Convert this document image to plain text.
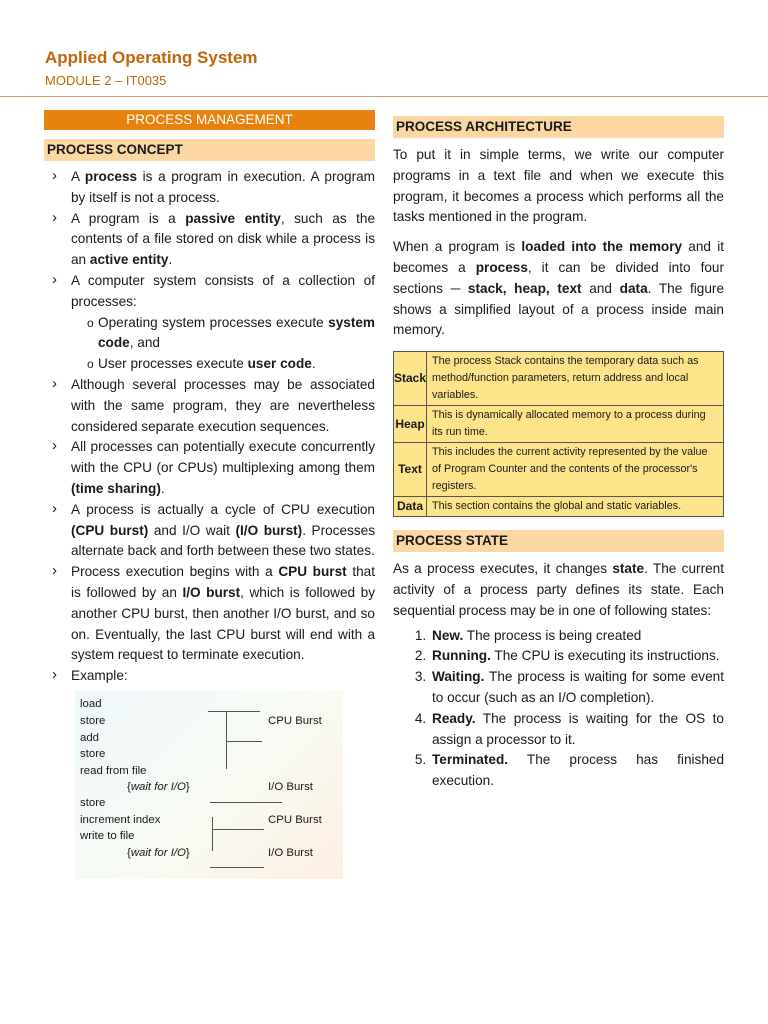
Applied Operating System
MODULE 2 – IT0035
PROCESS MANAGEMENT
PROCESS CONCEPT
› A process is a program in execution. A program by itself is not a process.
› A program is a passive entity, such as the contents of a file stored on disk while a process is an active entity.
› A computer system consists of a collection of processes:
o Operating system processes execute system code, and
o User processes execute user code.
› Although several processes may be associated with the same program, they are nevertheless considered separate execution sequences.
› All processes can potentially execute concurrently with the CPU (or CPUs) multiplexing among them (time sharing).
› A process is actually a cycle of CPU execution (CPU burst) and I/O wait (I/O burst). Processes alternate back and forth between these two states.
› Process execution begins with a CPU burst that is followed by an I/O burst, which is followed by another CPU burst, then another I/O burst, and so on. Eventually, the last CPU burst will end with a system request to terminate execution.
› Example:
load
store
add
store
read from file
{wait for I/O}
store
increment index
write to file
{wait for I/O}
CPU Burst
I/O Burst
CPU Burst
I/O Burst
PROCESS ARCHITECTURE

To put it in simple terms, we write our computer programs in a text file and when we execute this program, it becomes a process which performs all the tasks mentioned in the program.

When a program is loaded into the memory and it becomes a process, it can be divided into four sections ─ stack, heap, text and data. The figure shows a simplified layout of a process inside main memory.

Stack	The process Stack contains the temporary data such as method/function parameters, return address and local variables.
Heap	This is dynamically allocated memory to a process during its run time.
Text	This includes the current activity represented by the value of Program Counter and the contents of the processor's registers.
Data	This section contains the global and static variables.
PROCESS STATE

As a process executes, it changes state. The current activity of a process party defines its state. Each sequential process may be in one of following states:

1. New. The process is being created
2. Running. The CPU is executing its instructions.
3. Waiting. The process is waiting for some event to occur (such as an I/O completion).
4. Ready. The process is waiting for the OS to assign a processor to it.
5. Terminated. The process has finished execution.
